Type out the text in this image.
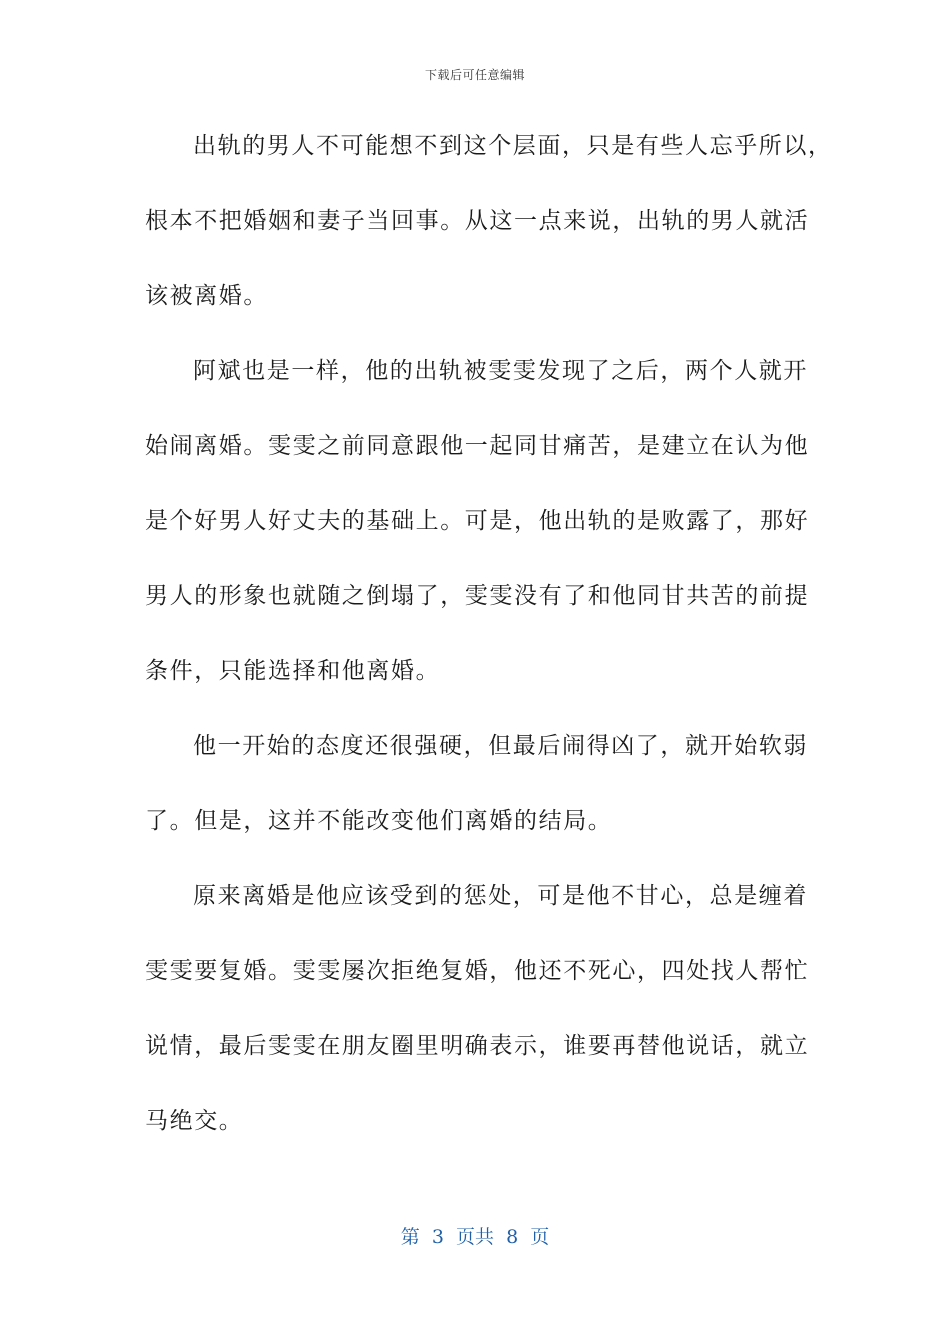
下载后可任意编辑
出轨的男人不可能想不到这个层面，只是有些人忘乎所以，
根本不把婚姻和妻子当回事。从这一点来说，出轨的男人就活
该被离婚。
阿斌也是一样，他的出轨被雯雯发现了之后，两个人就开
始闹离婚。雯雯之前同意跟他一起同甘痛苦，是建立在认为他
是个好男人好丈夫的基础上。可是，他出轨的是败露了，那好
男人的形象也就随之倒塌了，雯雯没有了和他同甘共苦的前提
条件，只能选择和他离婚。
他一开始的态度还很强硬，但最后闹得凶了，就开始软弱
了。但是，这并不能改变他们离婚的结局。
原来离婚是他应该受到的惩处，可是他不甘心，总是缠着
雯雯要复婚。雯雯屡次拒绝复婚，他还不死心，四处找人帮忙
说情，最后雯雯在朋友圈里明确表示，谁要再替他说话，就立
马绝交。
第  3  页共  8  页
